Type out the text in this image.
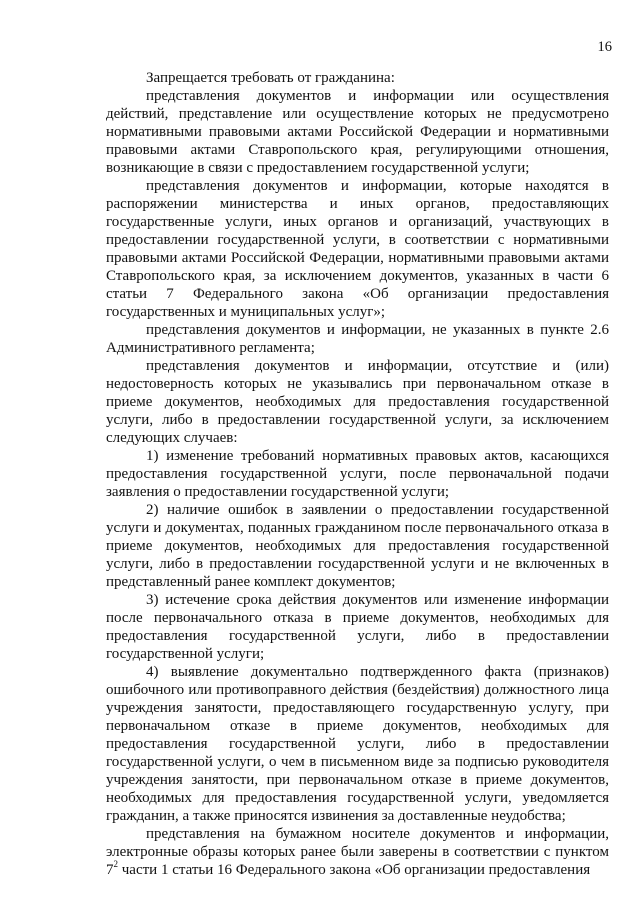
16

Запрещается требовать от гражданина:

представления документов и информации или осуществления действий, представление или осуществление которых не предусмотрено нормативными правовыми актами Российской Федерации и нормативными правовыми актами Ставропольского края, регулирующими отношения, возникающие в связи с предоставлением государственной услуги;

представления документов и информации, которые находятся в распоряжении министерства и иных органов, предоставляющих государственные услуги, иных органов и организаций, участвующих в предоставлении государственной услуги, в соответствии с нормативными правовыми актами Российской Федерации, нормативными правовыми актами Ставропольского края, за исключением документов, указанных в части 6 статьи 7 Федерального закона «Об организации предоставления государственных и муниципальных услуг»;

представления документов и информации, не указанных в пункте 2.6 Административного регламента;

представления документов и информации, отсутствие и (или) недостоверность которых не указывались при первоначальном отказе в приеме документов, необходимых для предоставления государственной услуги, либо в предоставлении государственной услуги, за исключением следующих случаев:

1) изменение требований нормативных правовых актов, касающихся предоставления государственной услуги, после первоначальной подачи заявления о предоставлении государственной услуги;

2) наличие ошибок в заявлении о предоставлении государственной услуги и документах, поданных гражданином после первоначального отказа в приеме документов, необходимых для предоставления государственной услуги, либо в предоставлении государственной услуги и не включенных в представленный ранее комплект документов;

3) истечение срока действия документов или изменение информации после первоначального отказа в приеме документов, необходимых для предоставления государственной услуги, либо в предоставлении государственной услуги;

4) выявление документально подтвержденного факта (признаков) ошибочного или противоправного действия (бездействия) должностного лица учреждения занятости, предоставляющего государственную услугу, при первоначальном отказе в приеме документов, необходимых для предоставления государственной услуги, либо в предоставлении государственной услуги, о чем в письменном виде за подписью руководителя учреждения занятости, при первоначальном отказе в приеме документов, необходимых для предоставления государственной услуги, уведомляется гражданин, а также приносятся извинения за доставленные неудобства;

представления на бумажном носителе документов и информации, электронные образы которых ранее были заверены в соответствии с пунктом $7^2$ части 1 статьи 16 Федерального закона «Об организации предоставления
